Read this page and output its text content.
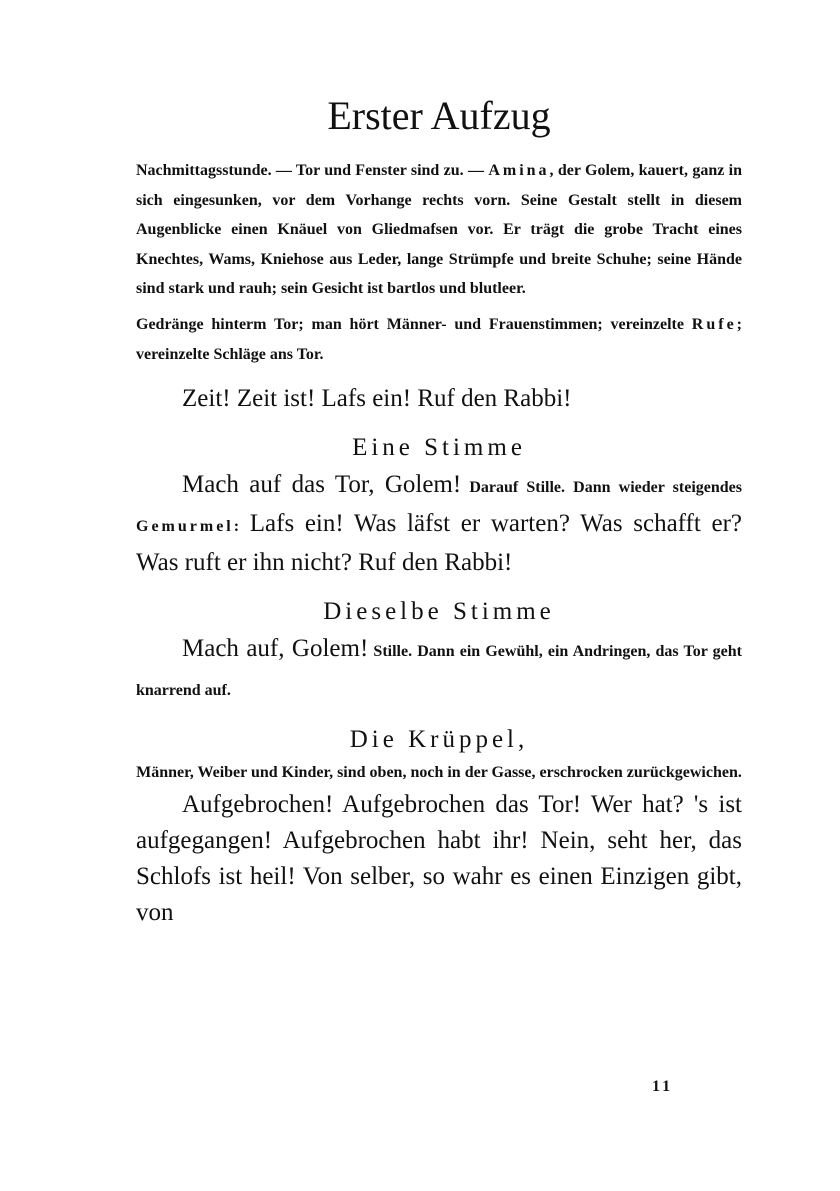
Erster Aufzug

Nachmittagsstunde. — Tor und Fenster sind zu. — Amina, der Golem, kauert, ganz in sich eingesunken, vor dem Vorhange rechts vorn. Seine Gestalt stellt in diesem Augenblicke einen Knäuel von Gliedmafsen vor. Er trägt die grobe Tracht eines Knechtes, Wams, Kniehose aus Leder, lange Strümpfe und breite Schuhe; seine Hände sind stark und rauh; sein Gesicht ist bartlos und blutleer.

Gedränge hinterm Tor; man hört Männer- und Frauenstimmen; vereinzelte Rufe; vereinzelte Schläge ans Tor.

Zeit! Zeit ist! Lafs ein! Ruf den Rabbi!

Eine Stimme

Mach auf das Tor, Golem! Darauf Stille. Dann wieder steigendes Gemurmel: Lafs ein! Was läfst er warten? Was schafft er? Was ruft er ihn nicht? Ruf den Rabbi!

Dieselbe Stimme

Mach auf, Golem! Stille. Dann ein Gewühl, ein Andringen, das Tor geht knarrend auf.

Die Krüppel,

Männer, Weiber und Kinder, sind oben, noch in der Gasse, erschrocken zurückgewichen.

Aufgebrochen! Aufgebrochen das Tor! Wer hat? 's ist aufgegangen! Aufgebrochen habt ihr! Nein, seht her, das Schlofs ist heil! Von selber, so wahr es einen Einzigen gibt, von

11
